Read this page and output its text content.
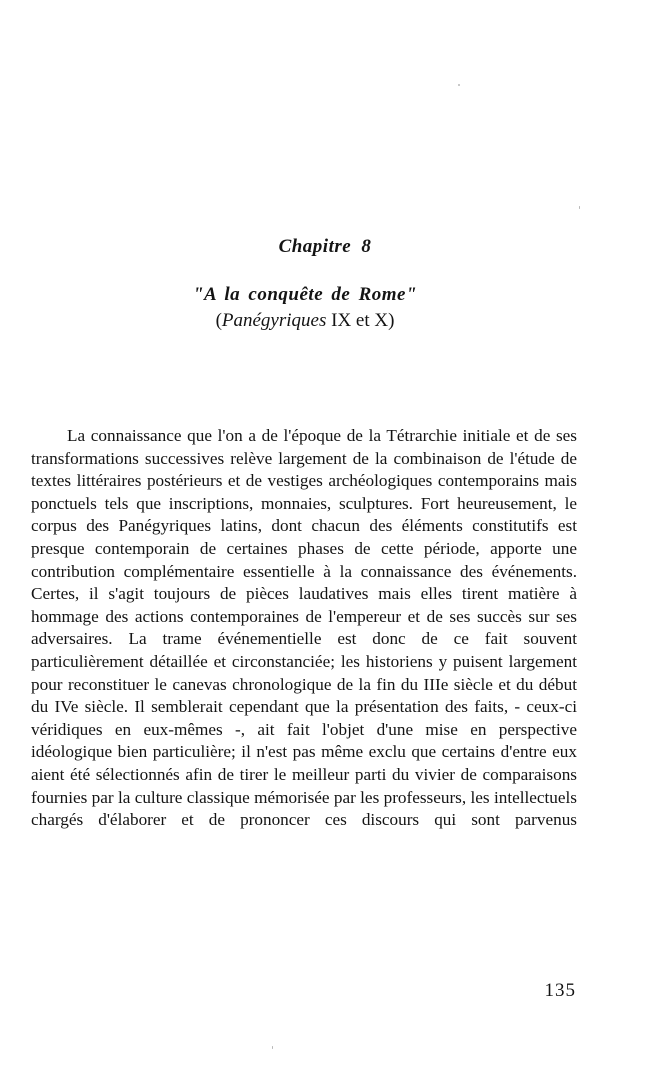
Chapitre 8
"A la conquête de Rome"

(Panégyriques IX et X)

La connaissance que l'on a de l'époque de la Tétrarchie initiale et de ses transformations successives relève largement de la combinaison de l'étude de textes littéraires postérieurs et de vestiges archéologiques contemporains mais ponctuels tels que inscriptions, monnaies, sculptures. Fort heureusement, le corpus des Panégyriques latins, dont chacun des éléments constitutifs est presque contemporain de certaines phases de cette période, apporte une contribution complémentaire essentielle à la connaissance des événements. Certes, il s'agit toujours de pièces laudatives mais elles tirent matière à hommage des actions contemporaines de l'empereur et de ses succès sur ses adversaires. La trame événementielle est donc de ce fait souvent particulièrement détaillée et circonstanciée; les historiens y puisent largement pour reconstituer le canevas chronologique de la fin du IIIe siècle et du début du IVe siècle. Il semblerait cependant que la présentation des faits, - ceux-ci véridiques en eux-mêmes -, ait fait l'objet d'une mise en perspective idéologique bien particulière; il n'est pas même exclu que certains d'entre eux aient été sélectionnés afin de tirer le meilleur parti du vivier de comparaisons fournies par la culture classique mémorisée par les professeurs, les intellectuels chargés d'élaborer et de prononcer ces discours qui sont parvenus

135
